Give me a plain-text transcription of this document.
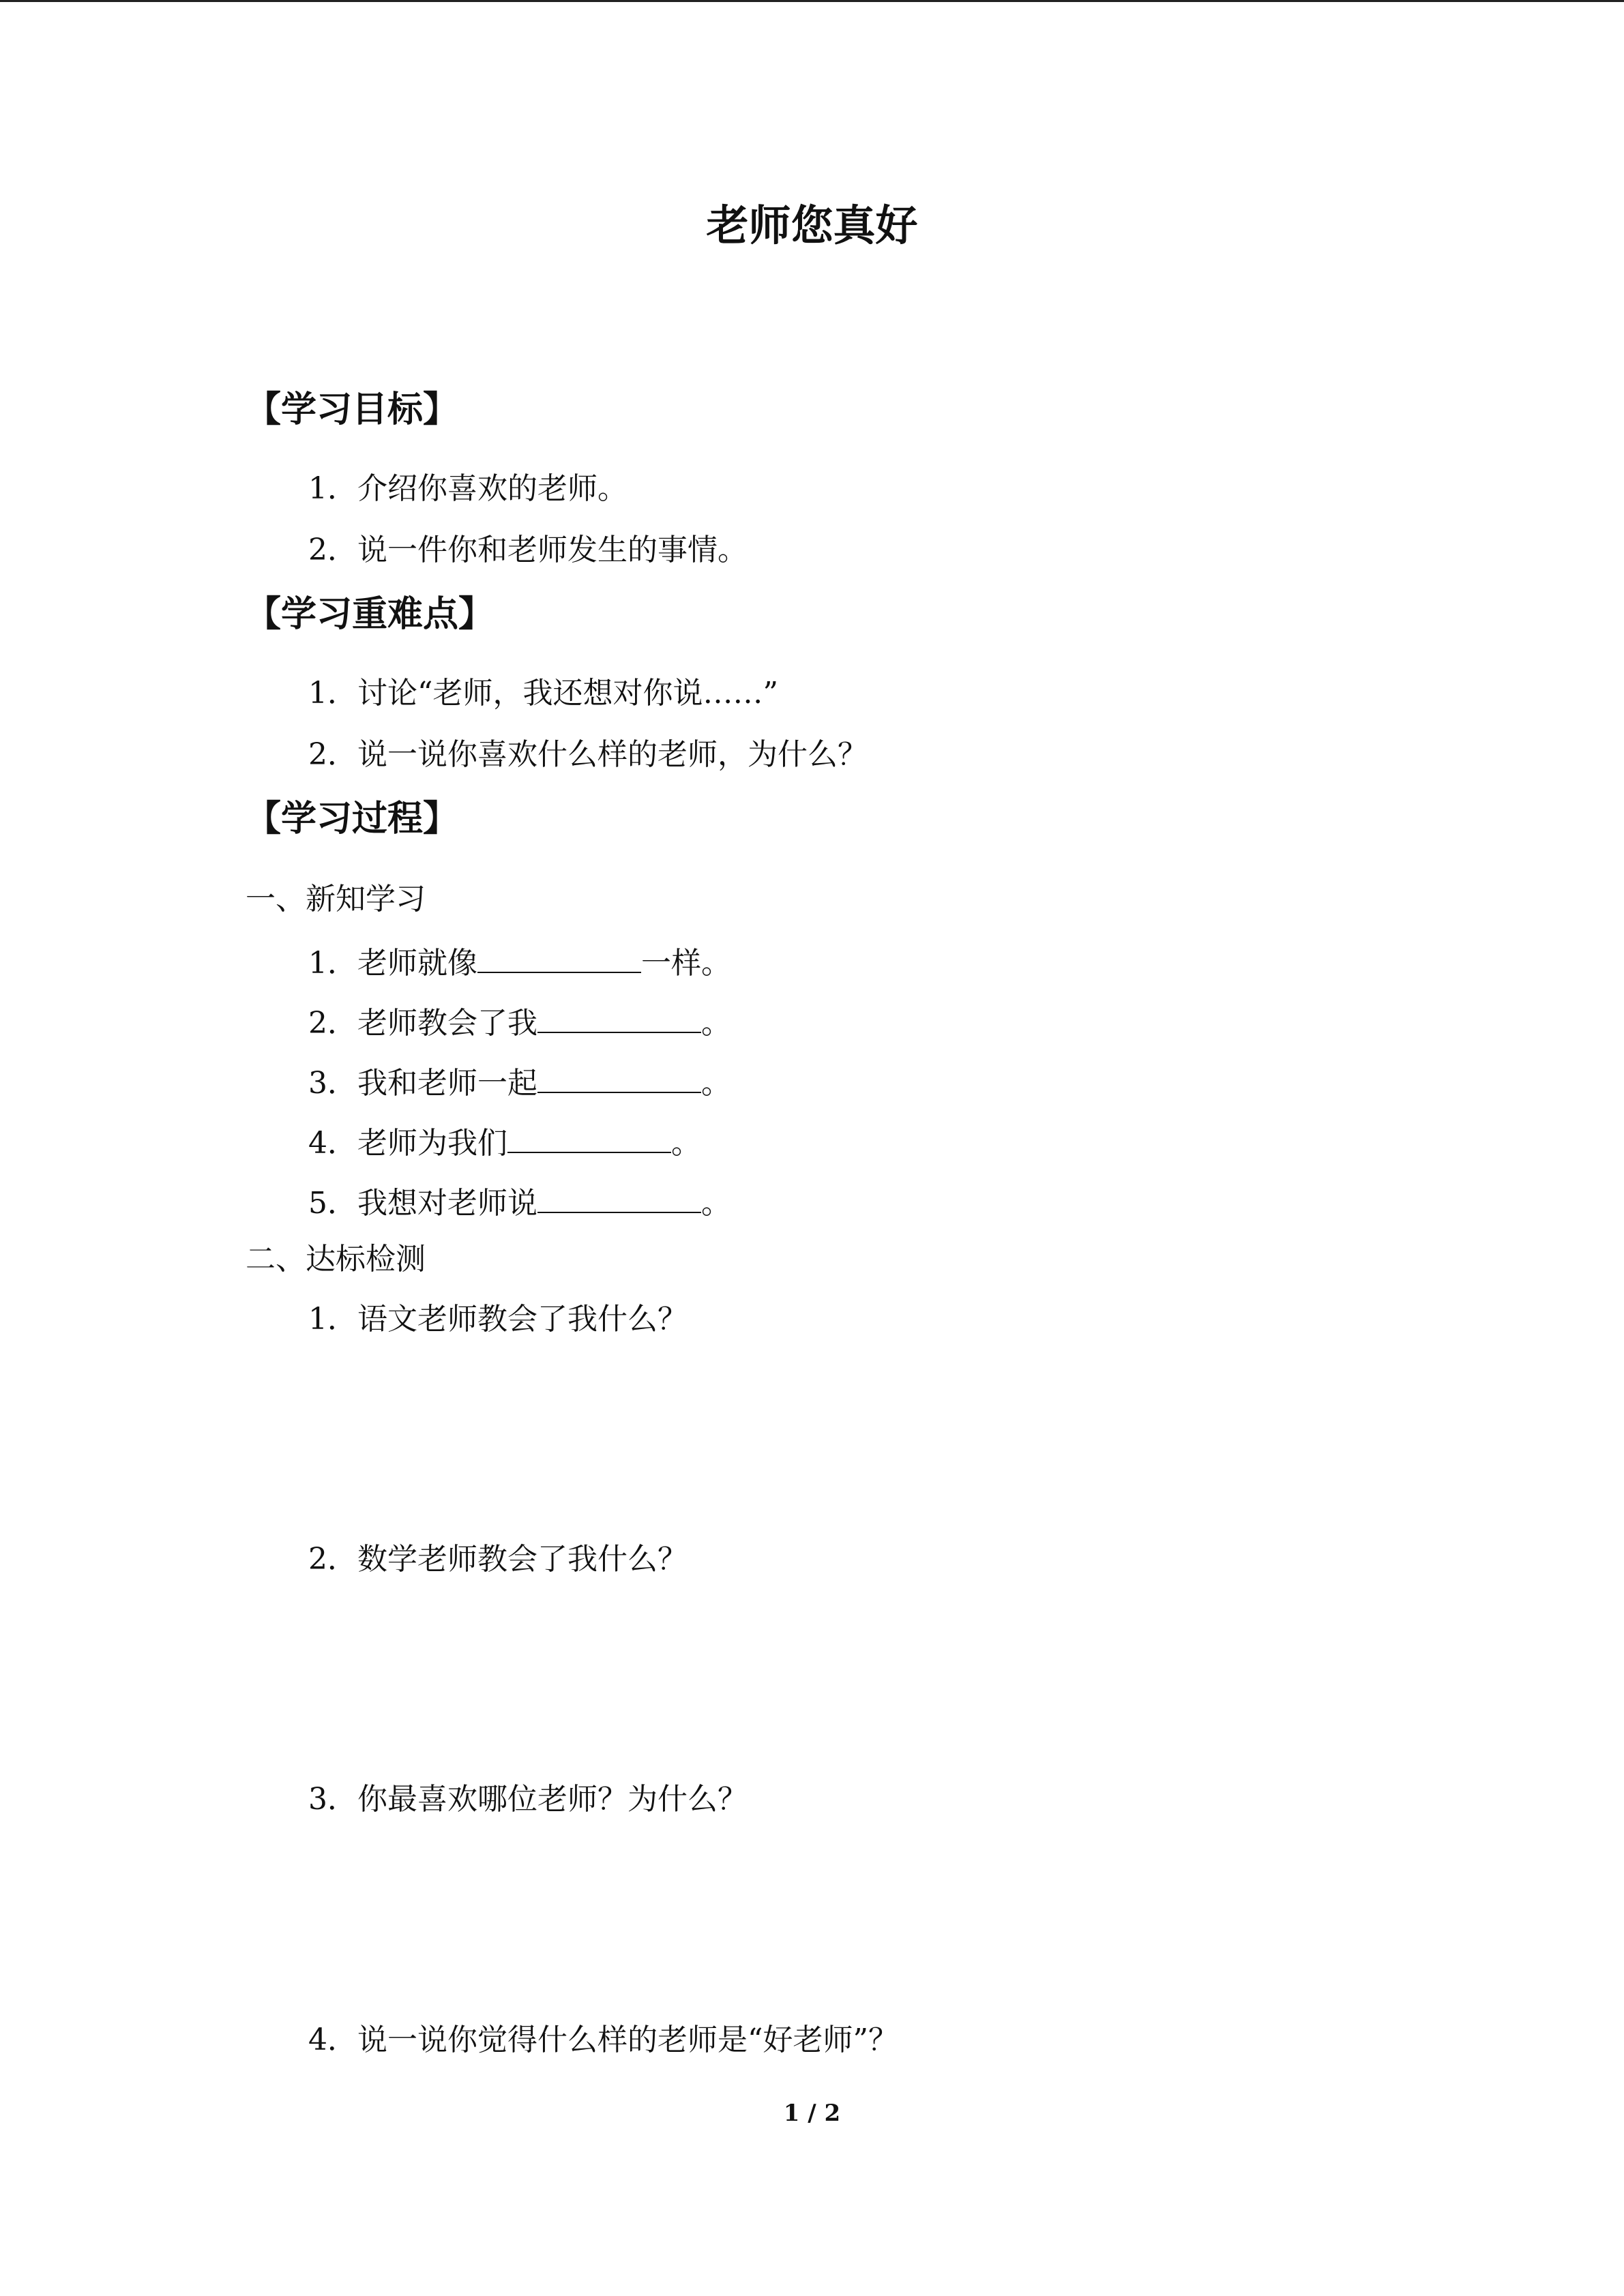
老师您真好
【学习目标】
1．介绍你喜欢的老师。
2．说一件你和老师发生的事情。
【学习重难点】
1．讨论“老师，我还想对你说……”
2．说一说你喜欢什么样的老师，为什么？
【学习过程】
一、新知学习
1．老师就像	一样。
2．老师教会了我	。
3．我和老师一起	。
4．老师为我们	。
5．我想对老师说	。
二、达标检测
1．语文老师教会了我什么？
2．数学老师教会了我什么？
3．你最喜欢哪位老师？为什么？
4．说一说你觉得什么样的老师是“好老师”？
1 / 2
